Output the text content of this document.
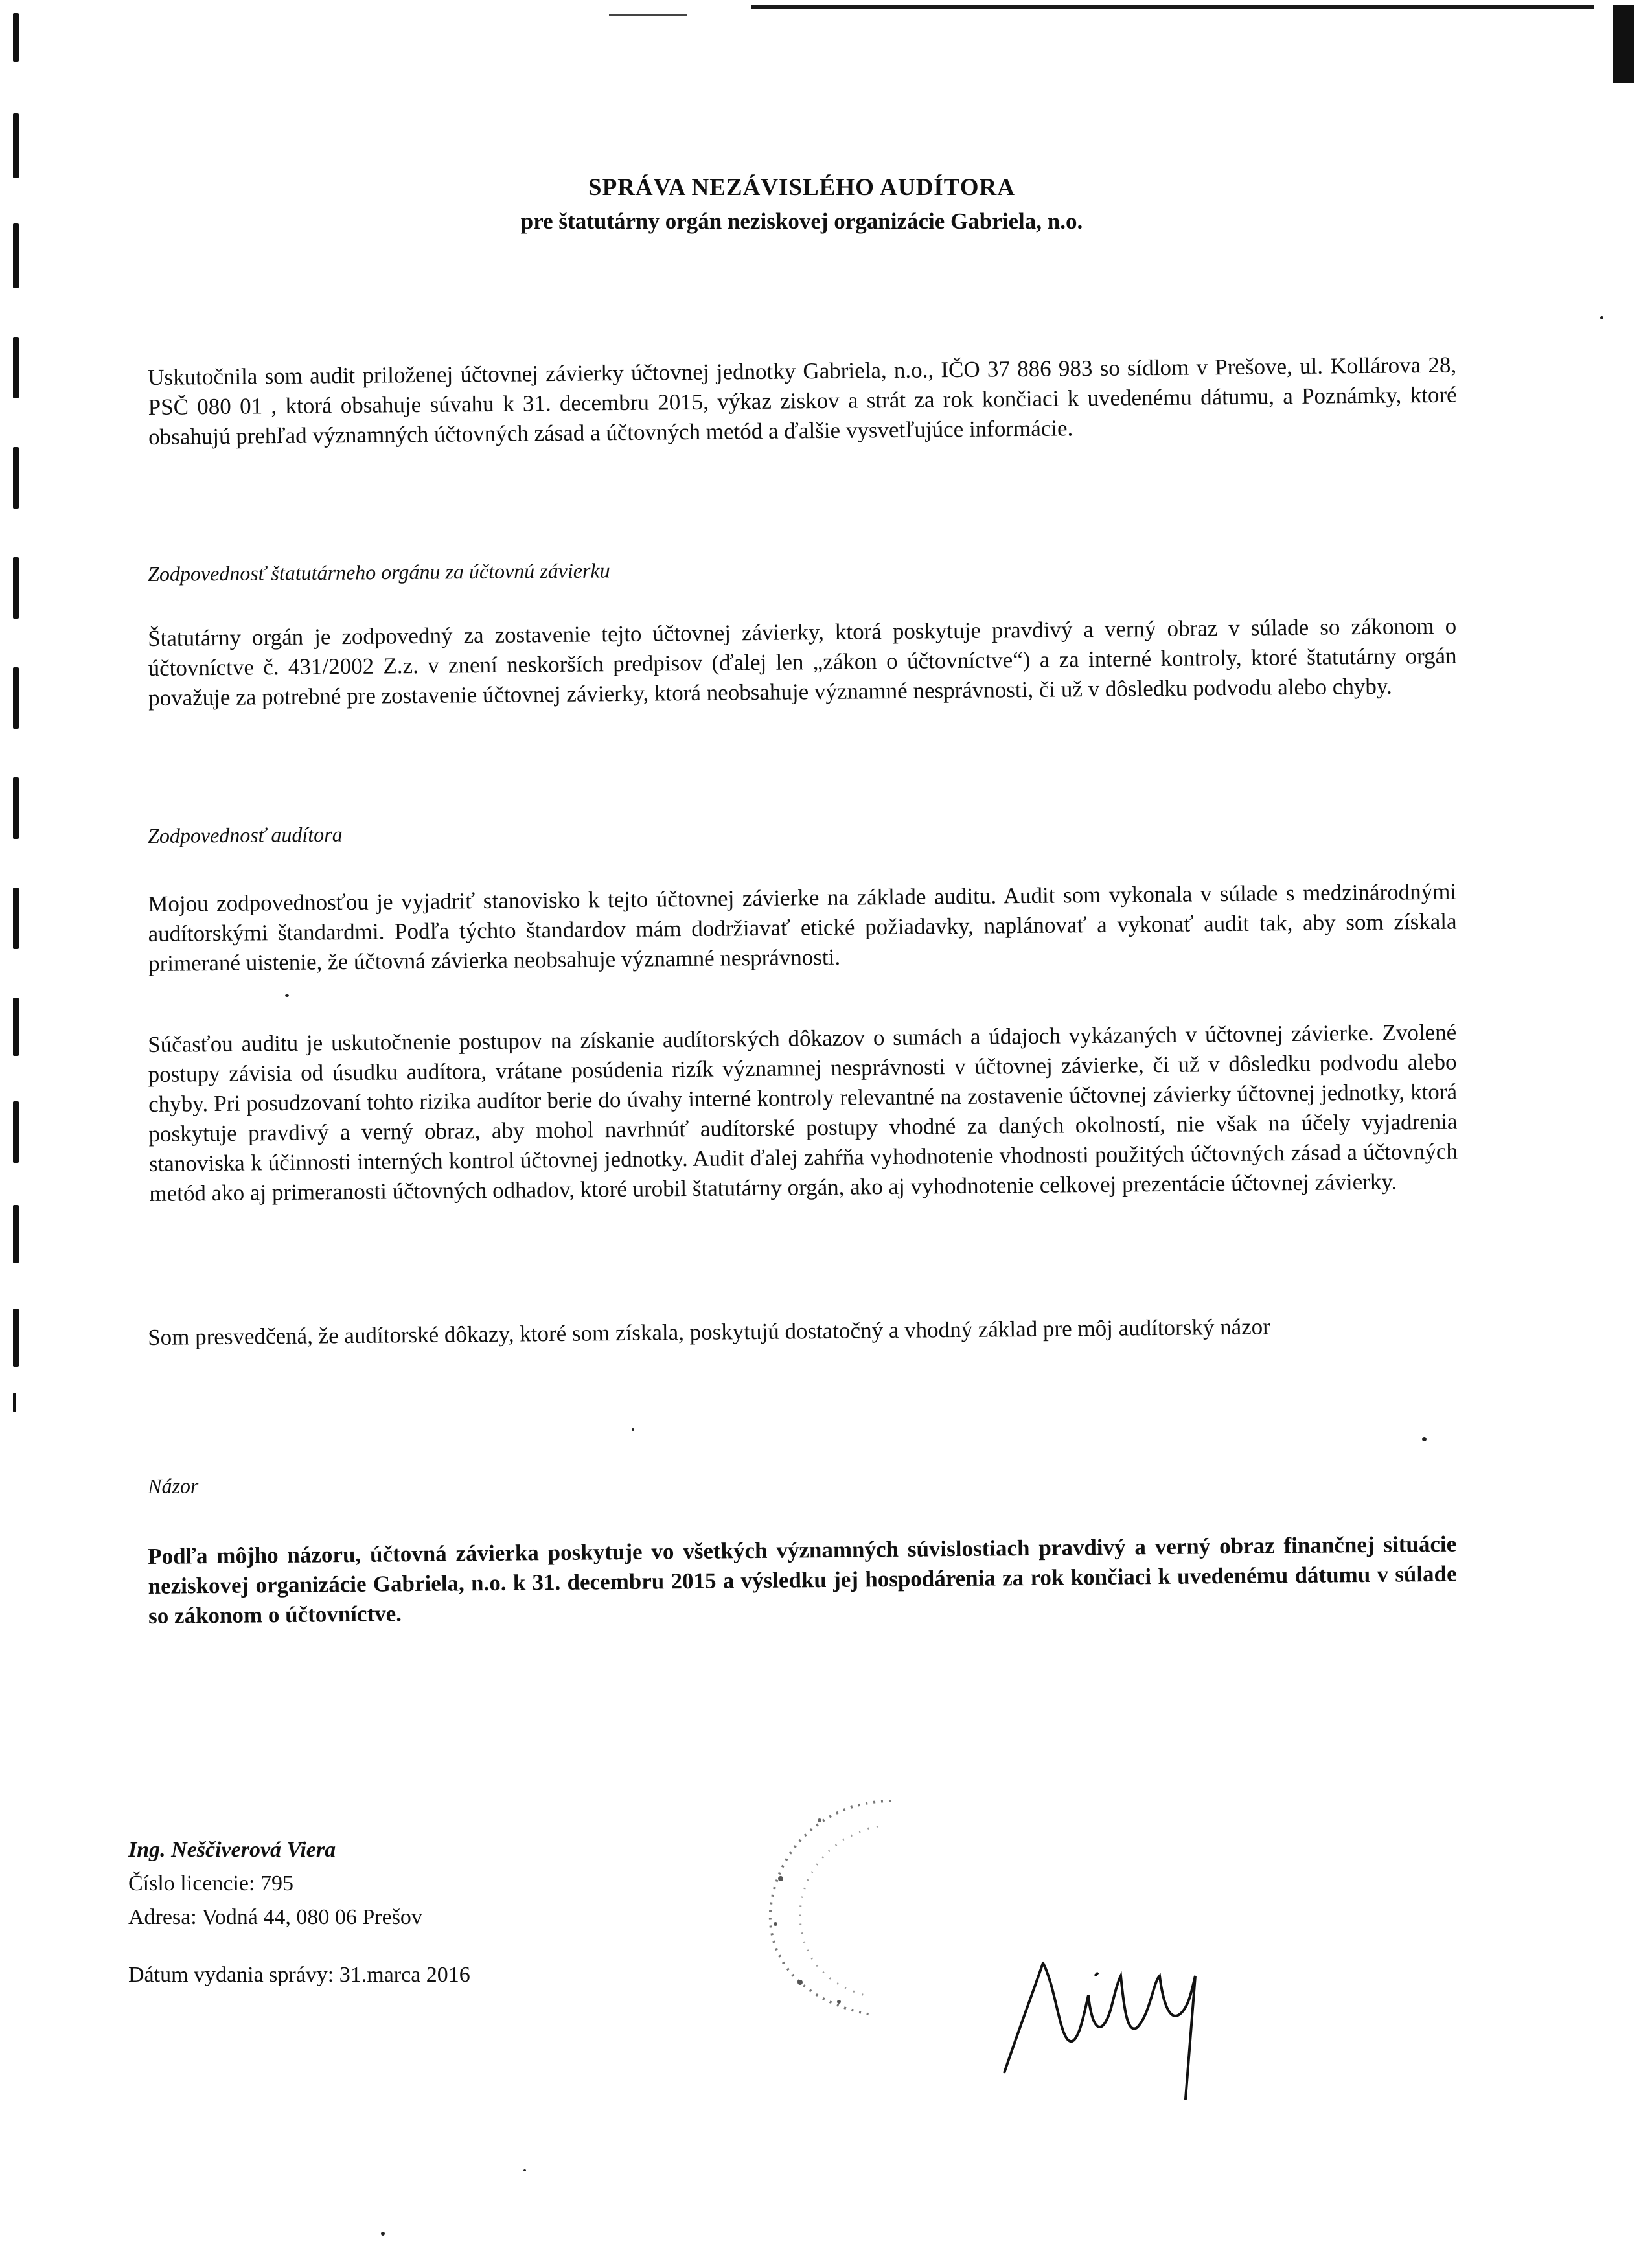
SPRÁVA NEZÁVISLÉHO AUDÍTORA
pre štatutárny orgán neziskovej organizácie Gabriela, n.o.

Uskutočnila som audit priloženej účtovnej závierky účtovnej jednotky Gabriela, n.o., IČO 37 886 983 so sídlom v Prešove, ul. Kollárova 28, PSČ 080 01 , ktorá obsahuje súvahu k 31. decembru 2015, výkaz ziskov a strát za rok končiaci k uvedenému dátumu, a Poznámky, ktoré obsahujú prehľad významných účtovných zásad a účtovných metód a ďalšie vysvetľujúce informácie.

Zodpovednosť štatutárneho orgánu za účtovnú závierku

Štatutárny orgán je zodpovedný za zostavenie tejto účtovnej závierky, ktorá poskytuje pravdivý a verný obraz v súlade so zákonom o účtovníctve č. 431/2002 Z.z. v znení neskorších predpisov (ďalej len „zákon o účtovníctve“) a za interné kontroly, ktoré štatutárny orgán považuje za potrebné pre zostavenie účtovnej závierky, ktorá neobsahuje významné nesprávnosti, či už v dôsledku podvodu alebo chyby.

Zodpovednosť audítora

Mojou zodpovednosťou je vyjadriť stanovisko k tejto účtovnej závierke na základe auditu. Audit som vykonala v súlade s medzinárodnými audítorskými štandardmi. Podľa týchto štandardov mám dodržiavať etické požiadavky, naplánovať a vykonať audit tak, aby som získala primerané uistenie, že účtovná závierka neobsahuje významné nesprávnosti.

Súčasťou auditu je uskutočnenie postupov na získanie audítorských dôkazov o sumách a údajoch vykázaných v účtovnej závierke. Zvolené postupy závisia od úsudku audítora, vrátane posúdenia rizík významnej nesprávnosti v účtovnej závierke, či už v dôsledku podvodu alebo chyby. Pri posudzovaní tohto rizika audítor berie do úvahy interné kontroly relevantné na zostavenie účtovnej závierky účtovnej jednotky, ktorá poskytuje pravdivý a verný obraz, aby mohol navrhnúť audítorské postupy vhodné za daných okolností, nie však na účely vyjadrenia stanoviska k účinnosti interných kontrol účtovnej jednotky. Audit ďalej zahŕňa vyhodnotenie vhodnosti použitých účtovných zásad a účtovných metód ako aj primeranosti účtovných odhadov, ktoré urobil štatutárny orgán, ako aj vyhodnotenie celkovej prezentácie účtovnej závierky.

Som presvedčená, že audítorské dôkazy, ktoré som získala, poskytujú dostatočný a vhodný základ pre môj audítorský názor

Názor

Podľa môjho názoru, účtovná závierka poskytuje vo všetkých významných súvislostiach pravdivý a verný obraz finančnej situácie neziskovej organizácie Gabriela, n.o. k 31. decembru 2015 a výsledku jej hospodárenia za rok končiaci k uvedenému dátumu v súlade so zákonom o účtovníctve.

Ing. Neščiverová Viera
Číslo licencie: 795
Adresa: Vodná 44, 080 06 Prešov
Dátum vydania správy: 31.marca 2016
